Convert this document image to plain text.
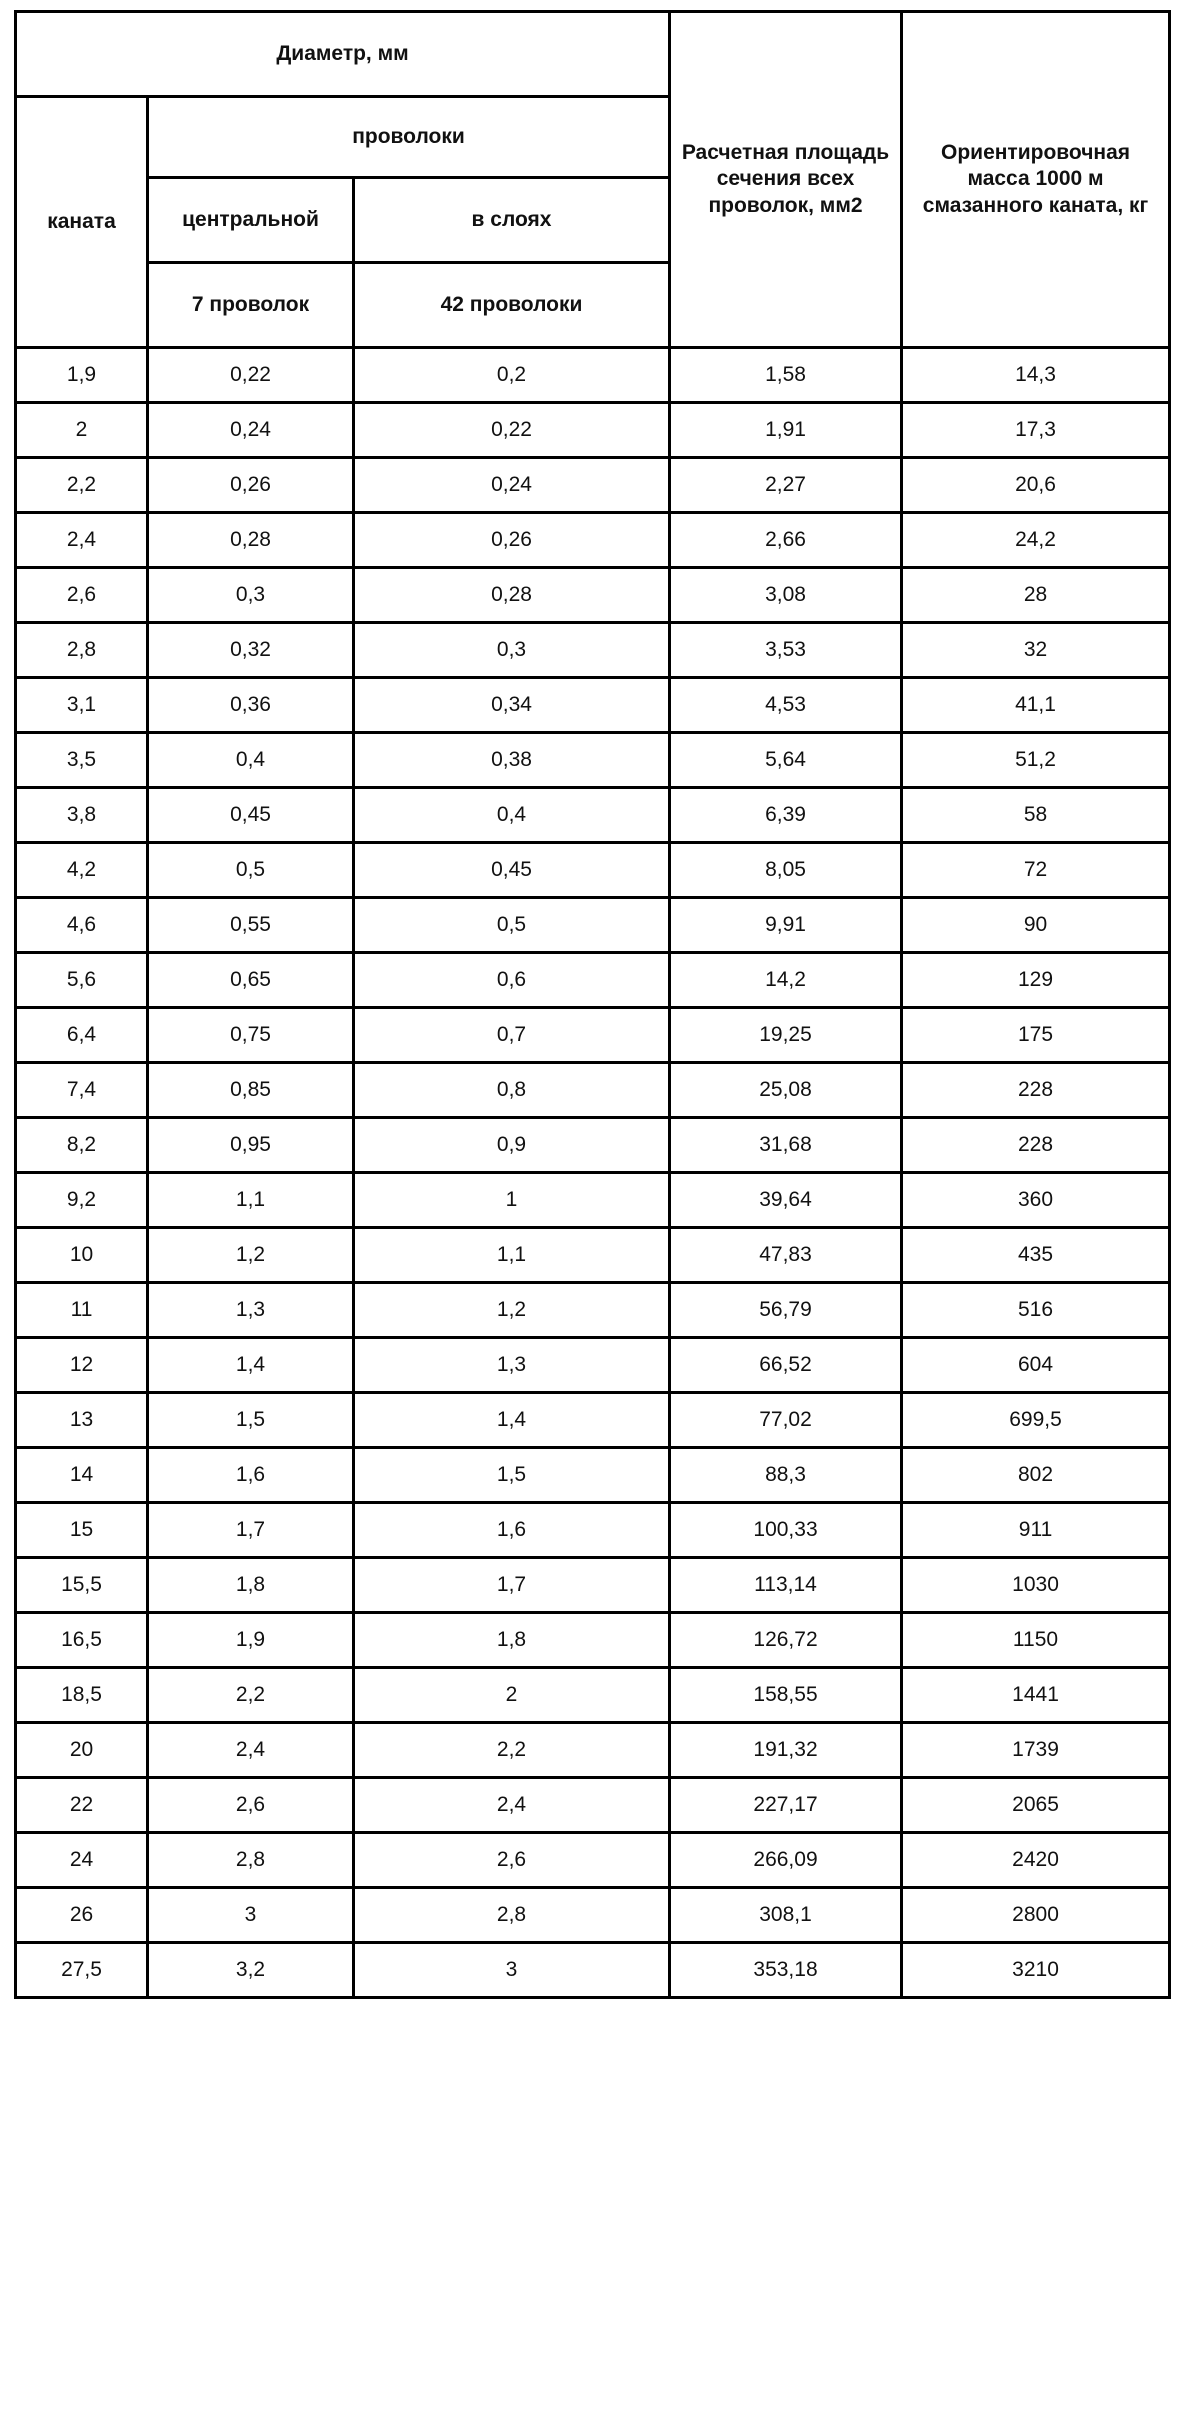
Диаметр, мм			Расчетная площадь сечения всех проволок, мм2	Ориентировочная масса 1000 м смазанного каната, кг
каната	проволоки			
	центральной	в слоях		
	7 проволок	42 проволоки		
1,9	0,22	0,2	1,58	14,3
2	0,24	0,22	1,91	17,3
2,2	0,26	0,24	2,27	20,6
2,4	0,28	0,26	2,66	24,2
2,6	0,3	0,28	3,08	28
2,8	0,32	0,3	3,53	32
3,1	0,36	0,34	4,53	41,1
3,5	0,4	0,38	5,64	51,2
3,8	0,45	0,4	6,39	58
4,2	0,5	0,45	8,05	72
4,6	0,55	0,5	9,91	90
5,6	0,65	0,6	14,2	129
6,4	0,75	0,7	19,25	175
7,4	0,85	0,8	25,08	228
8,2	0,95	0,9	31,68	228
9,2	1,1	1	39,64	360
10	1,2	1,1	47,83	435
11	1,3	1,2	56,79	516
12	1,4	1,3	66,52	604
13	1,5	1,4	77,02	699,5
14	1,6	1,5	88,3	802
15	1,7	1,6	100,33	911
15,5	1,8	1,7	113,14	1030
16,5	1,9	1,8	126,72	1150
18,5	2,2	2	158,55	1441
20	2,4	2,2	191,32	1739
22	2,6	2,4	227,17	2065
24	2,8	2,6	266,09	2420
26	3	2,8	308,1	2800
27,5	3,2	3	353,18	3210
